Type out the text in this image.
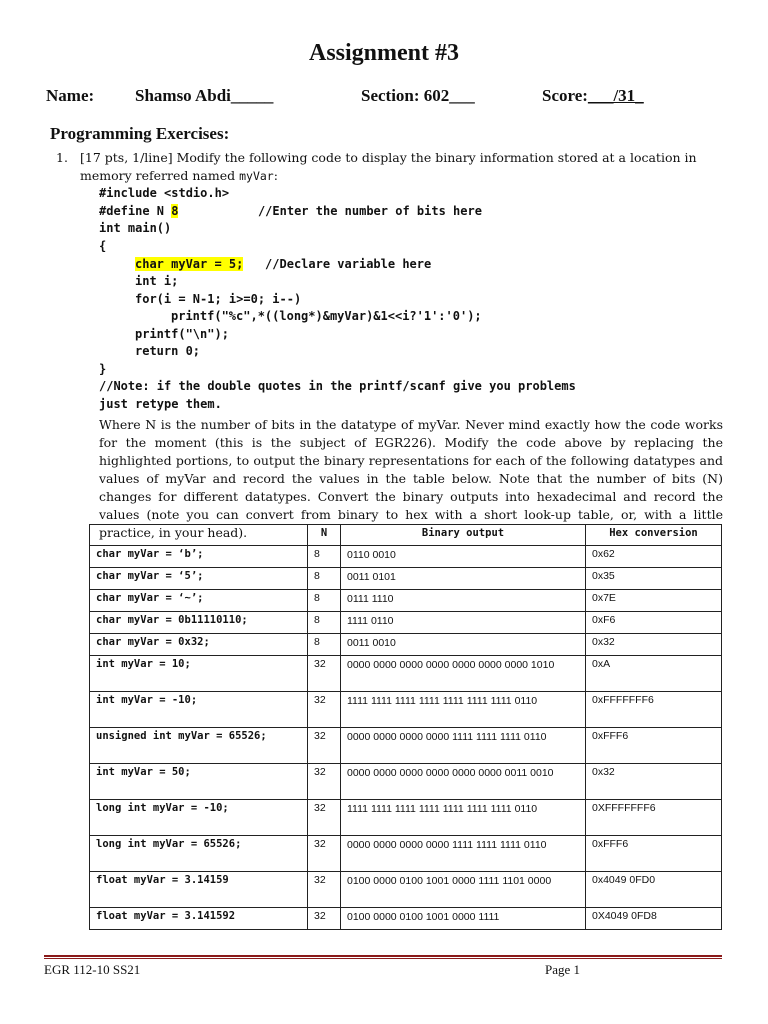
Assignment #3
Name: Shamso Abdi_____	Section: 602___	Score:___/31_
Programming Exercises:
1. [17 pts, 1/line] Modify the following code to display the binary information stored at a location in
memory referred named myVar:
#include <stdio.h>
#define N 8           //Enter the number of bits here
int main()
{
char myVar = 5;   //Declare variable here
int i;
for(i = N-1; i>=0; i--)
printf("%c",*((long*)&myVar)&1<<i?'1':'0');
printf("\n");
return 0;
}
//Note: if the double quotes in the printf/scanf give you problems
just retype them.
Where N is the number of bits in the datatype of myVar. Never mind exactly how the code works for the moment (this is the subject of EGR226). Modify the code above by replacing the highlighted portions, to output the binary representations for each of the following datatypes and values of myVar and record the values in the table below. Note that the number of bits (N) changes for different datatypes. Convert the binary outputs into hexadecimal and record the values (note you can convert from binary to hex with a short look-up table, or, with a little practice, in your head).
		N	Binary output	Hex conversion
char myVar = ‘b’;	8	0110 0010	0x62
char myVar = ‘5’;	8	0011 0101	0x35
char myVar = ‘~’;	8	0111 1110	0x7E
char myVar = 0b11110110;	8	1111 0110	0xF6
char myVar = 0x32;	8	0011 0010	0x32
int myVar = 10;	32	0000 0000 0000 0000 0000 0000 0000 1010	0xA
int myVar = -10;	32	1111 1111 1111 1111 1111 1111 1111 0110	0xFFFFFFF6
unsigned int myVar = 65526;	32	0000 0000 0000 0000 1111 1111 1111 0110	0xFFF6
int myVar = 50;	32	0000 0000 0000 0000 0000 0000 0011 0010	0x32
long int myVar = -10;	32	1111 1111 1111 1111 1111 1111 1111 0110	0XFFFFFFF6
long int myVar = 65526;	32	0000 0000 0000 0000 1111 1111 1111 0110	0xFFF6
float myVar = 3.14159	32	0100 0000 0100 1001 0000 1111 1101 0000	0x4049 0FD0
float myVar = 3.141592	32	0100 0000 0100 1001 0000 1111	0X4049 0FD8
EGR 112-10 SS21	Page 1
